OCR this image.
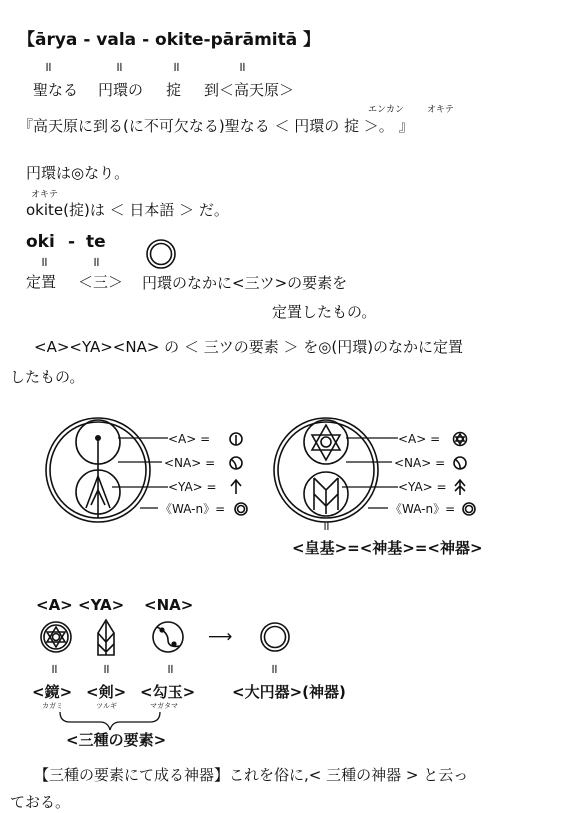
【ārya - vala - okite-pārāmitā 】
॥	॥	॥	॥
聖なる 円環の 掟 到＜高天原＞
エンカン	オキテ
『高天原に到る(に不可欠なる)聖なる ＜ 円環の 掟 ＞。 』
円環は◎なり。
オキテ
okite(掟)は ＜ 日本語 ＞ だ。
oki - te
॥	॥
定置 ＜三＞ 円環のなかに<三ツ>の要素を
定置したもの。
<A><YA><NA> の ＜ 三ツの要素 ＞ を◎(円環)のなかに定置
したもの。
<A> =
<NA> =
<YA> =
《WA-n》=
<A> =
<NA> =
<YA> =
《WA-n》=
॥
<皇基>=<神基>=<神器>
<A> <YA> <NA>
⟶
॥	॥	॥	॥
<鏡> <剣> <勾玉> <大円器>(神器)
カガミ	ツルギ	マガタマ
<三種の要素>
【三種の要素にて成る神器】これを俗に,< 三種の神器 > と云っ
ておる。
